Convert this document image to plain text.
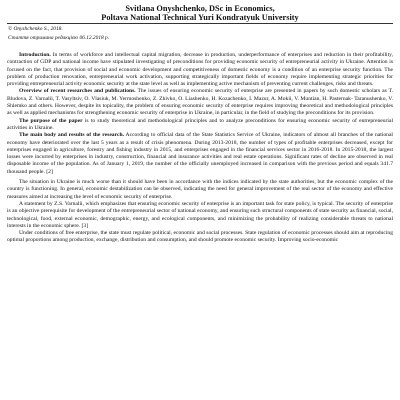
Svitlana Onyshchenko, DSc in Economics,

Poltava National Technical Yuri Kondratyuk University

© Onyshchenko S., 2018.

Стаття отримана редакцією 06.12.2018 р.

Introduction. In terms of workforce and intellectual capital migration, decrease in production, underperformance of enterprises and reduction in their profitability, contraction of GDP and national income have stipulated investigating of preconditions for providing economic security of entrepreneurial activity in Ukraine. Attention is focused on the fact, that provision of social and economic development and competitiveness of domestic economy is a condition of an enterprise security function. The problem of production renovation, entrepreneurial work activation, supporting strategically important fields of economy require implementing strategic priorities for providing entrepreneurial activity economic security at the state level as well as implementing active mechanism of preventing current challenges, risks and threats.

Overview of recent researches and publications. The issues of ensuring economic security of enterprise are presented in papers by such domestic scholars as T. Bludova, Z. Varnalii, T. Vasyltsiv, O. Vlasiuk, M. Yermoshenko, Z. Zhivko, O. Liashenko, H. Kozachenko, I. Mazur, A. Mokii, V. Muntian, H. Pasternak- Taranushenko, V. Shlemko and others. However, despite its topicality, the problem of ensuring economic security of enterprise requires improving theoretical and methodological principles as well as applied mechanisms for strengthening economic security of enterprise in Ukraine, in particular, in the field of studying the preconditions for its provision.

The purpose of the paper is to study theoretical and methodological principles and to analyze preconditions for ensuring economic security of entrepreneurial activities in Ukraine.

The main body and results of the research. According to official data of the State Statistics Service of Ukraine, indicators of almost all branches of the national economy have deteriorated over the last 5 years as a result of crisis phenomena. During 2013-2018, the number of types of profitable enterprises decreased, except for enterprises engaged in agriculture, forestry and fishing industry in 2015, and enterprises engaged in the financial services sector in 2016-2018. In 2015-2018, the largest losses were incurred by enterprises in industry, construction, financial and insurance activities and real estate operations. Significant rates of decline are observed in real disposable income of the population. As of January 1, 2019, the number of the officially unemployed increased in comparison with the previous period and equals 341.7 thousand people. [2]

The situation in Ukraine is much worse than it should have been in accordance with the indices indicated by the state authorities, but the economic complex of the country is functioning. In general, economic destabilization can be observed, indicating the need for general improvement of the real sector of the economy and effective measures aimed at increasing the level of economic security of enterprise.

A statement by Z.S. Varnalii, which emphasizes that ensuring economic security of enterprise is an important task for state policy, is typical. The security of enterprise is an objective prerequisite for development of the entrepreneurial sector of national economy, and ensuring such structural components of state security as financial, social, technological, food, external economic, demographic, energy, and ecological components, and minimizing the probability of realizing considerable threats to national interests in the economic sphere. [3]

Under conditions of free enterprise, the state must regulate political, economic and social processes. State regulation of economic processes should aim at reproducing optimal proportions among production, exchange, distribution and consumption, and should promote economic security. Improving socio-economic
